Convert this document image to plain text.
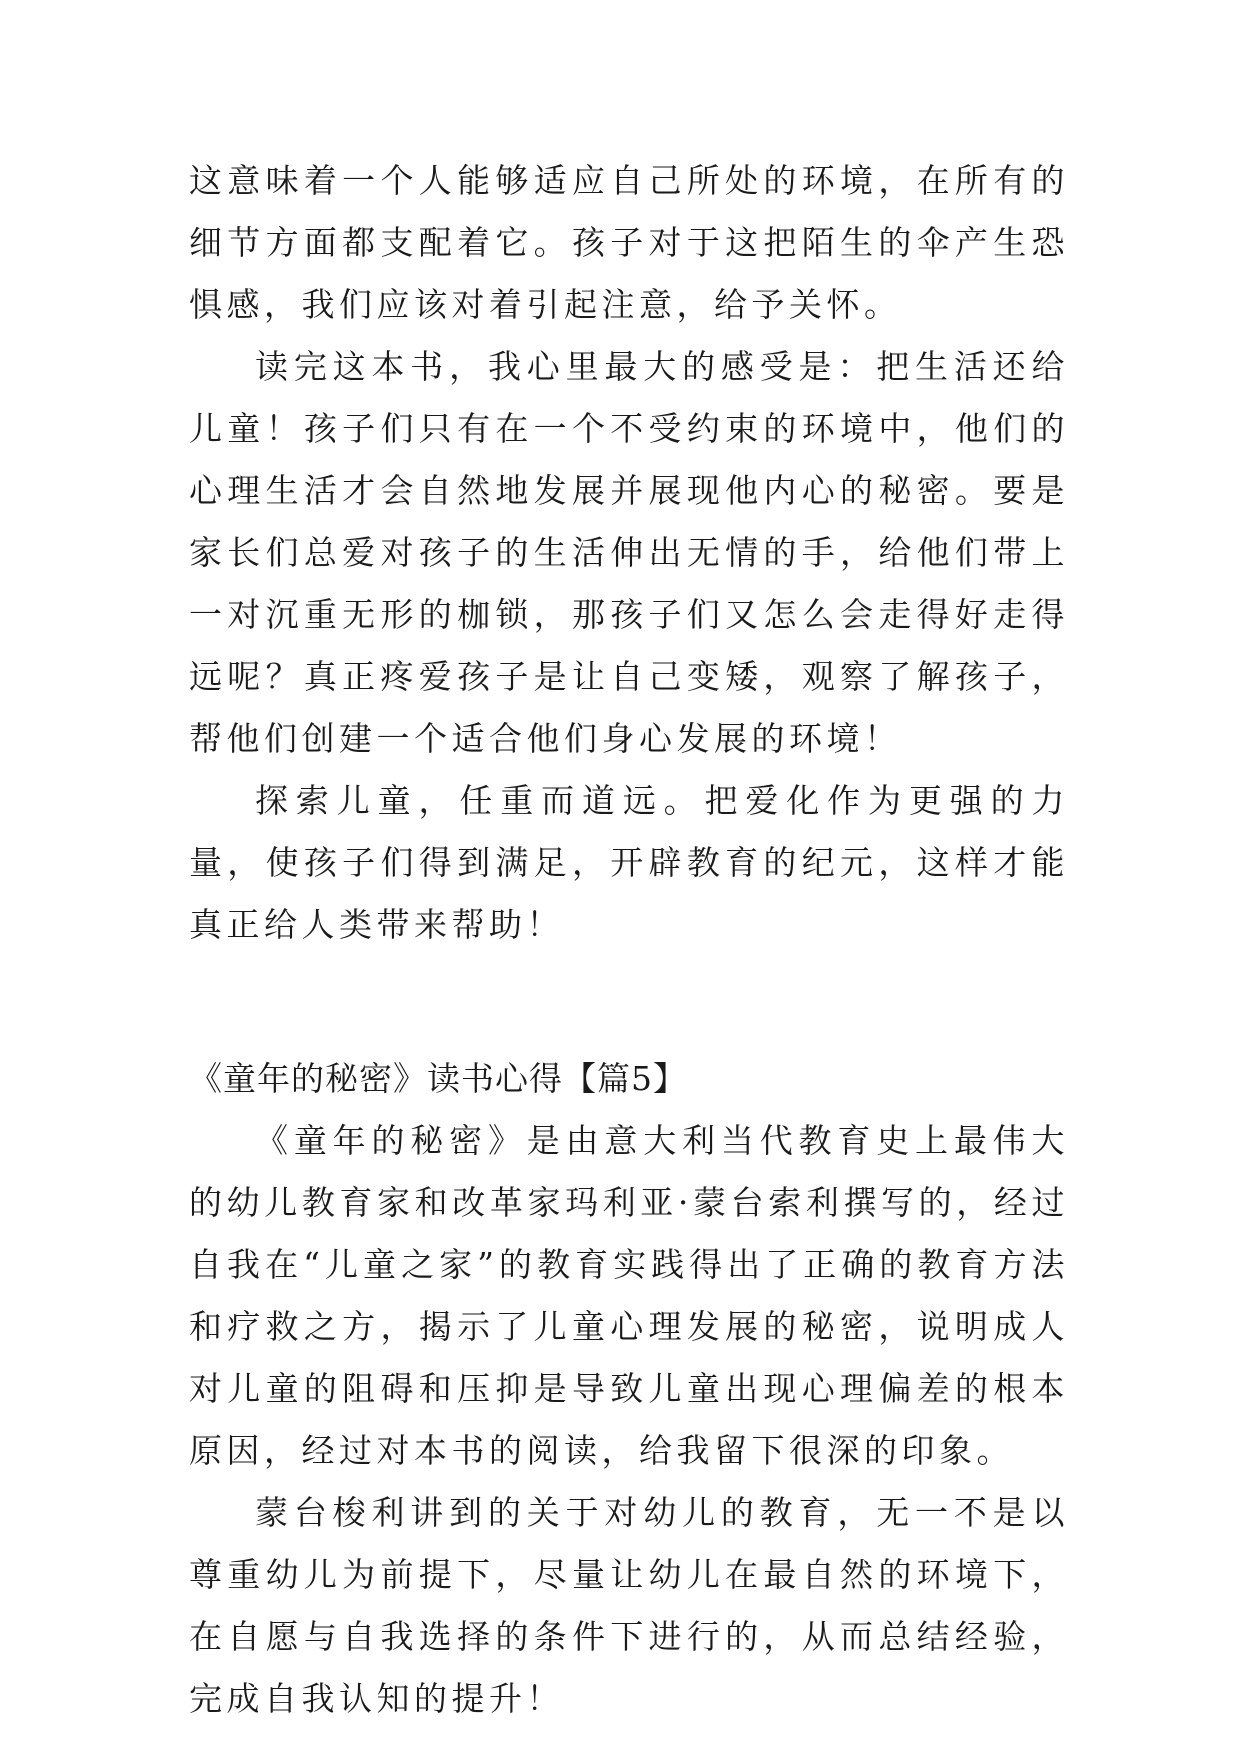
这意味着一个人能够适应自己所处的环境，在所有的细节方面都支配着它。孩子对于这把陌生的伞产生恐惧感，我们应该对着引起注意，给予关怀。

读完这本书，我心里最大的感受是：把生活还给儿童！孩子们只有在一个不受约束的环境中，他们的心理生活才会自然地发展并展现他内心的秘密。要是家长们总爱对孩子的生活伸出无情的手，给他们带上一对沉重无形的枷锁，那孩子们又怎么会走得好走得远呢？真正疼爱孩子是让自己变矮，观察了解孩子，帮他们创建一个适合他们身心发展的环境！

探索儿童，任重而道远。把爱化作为更强的力量，使孩子们得到满足，开辟教育的纪元，这样才能真正给人类带来帮助！

《童年的秘密》读书心得【篇5】

《童年的秘密》是由意大利当代教育史上最伟大的幼儿教育家和改革家玛利亚·蒙台索利撰写的，经过自我在“儿童之家”的教育实践得出了正确的教育方法和疗救之方，揭示了儿童心理发展的秘密，说明成人对儿童的阻碍和压抑是导致儿童出现心理偏差的根本原因，经过对本书的阅读，给我留下很深的印象。

蒙台梭利讲到的关于对幼儿的教育，无一不是以尊重幼儿为前提下，尽量让幼儿在最自然的环境下，在自愿与自我选择的条件下进行的，从而总结经验，完成自我认知的提升！
